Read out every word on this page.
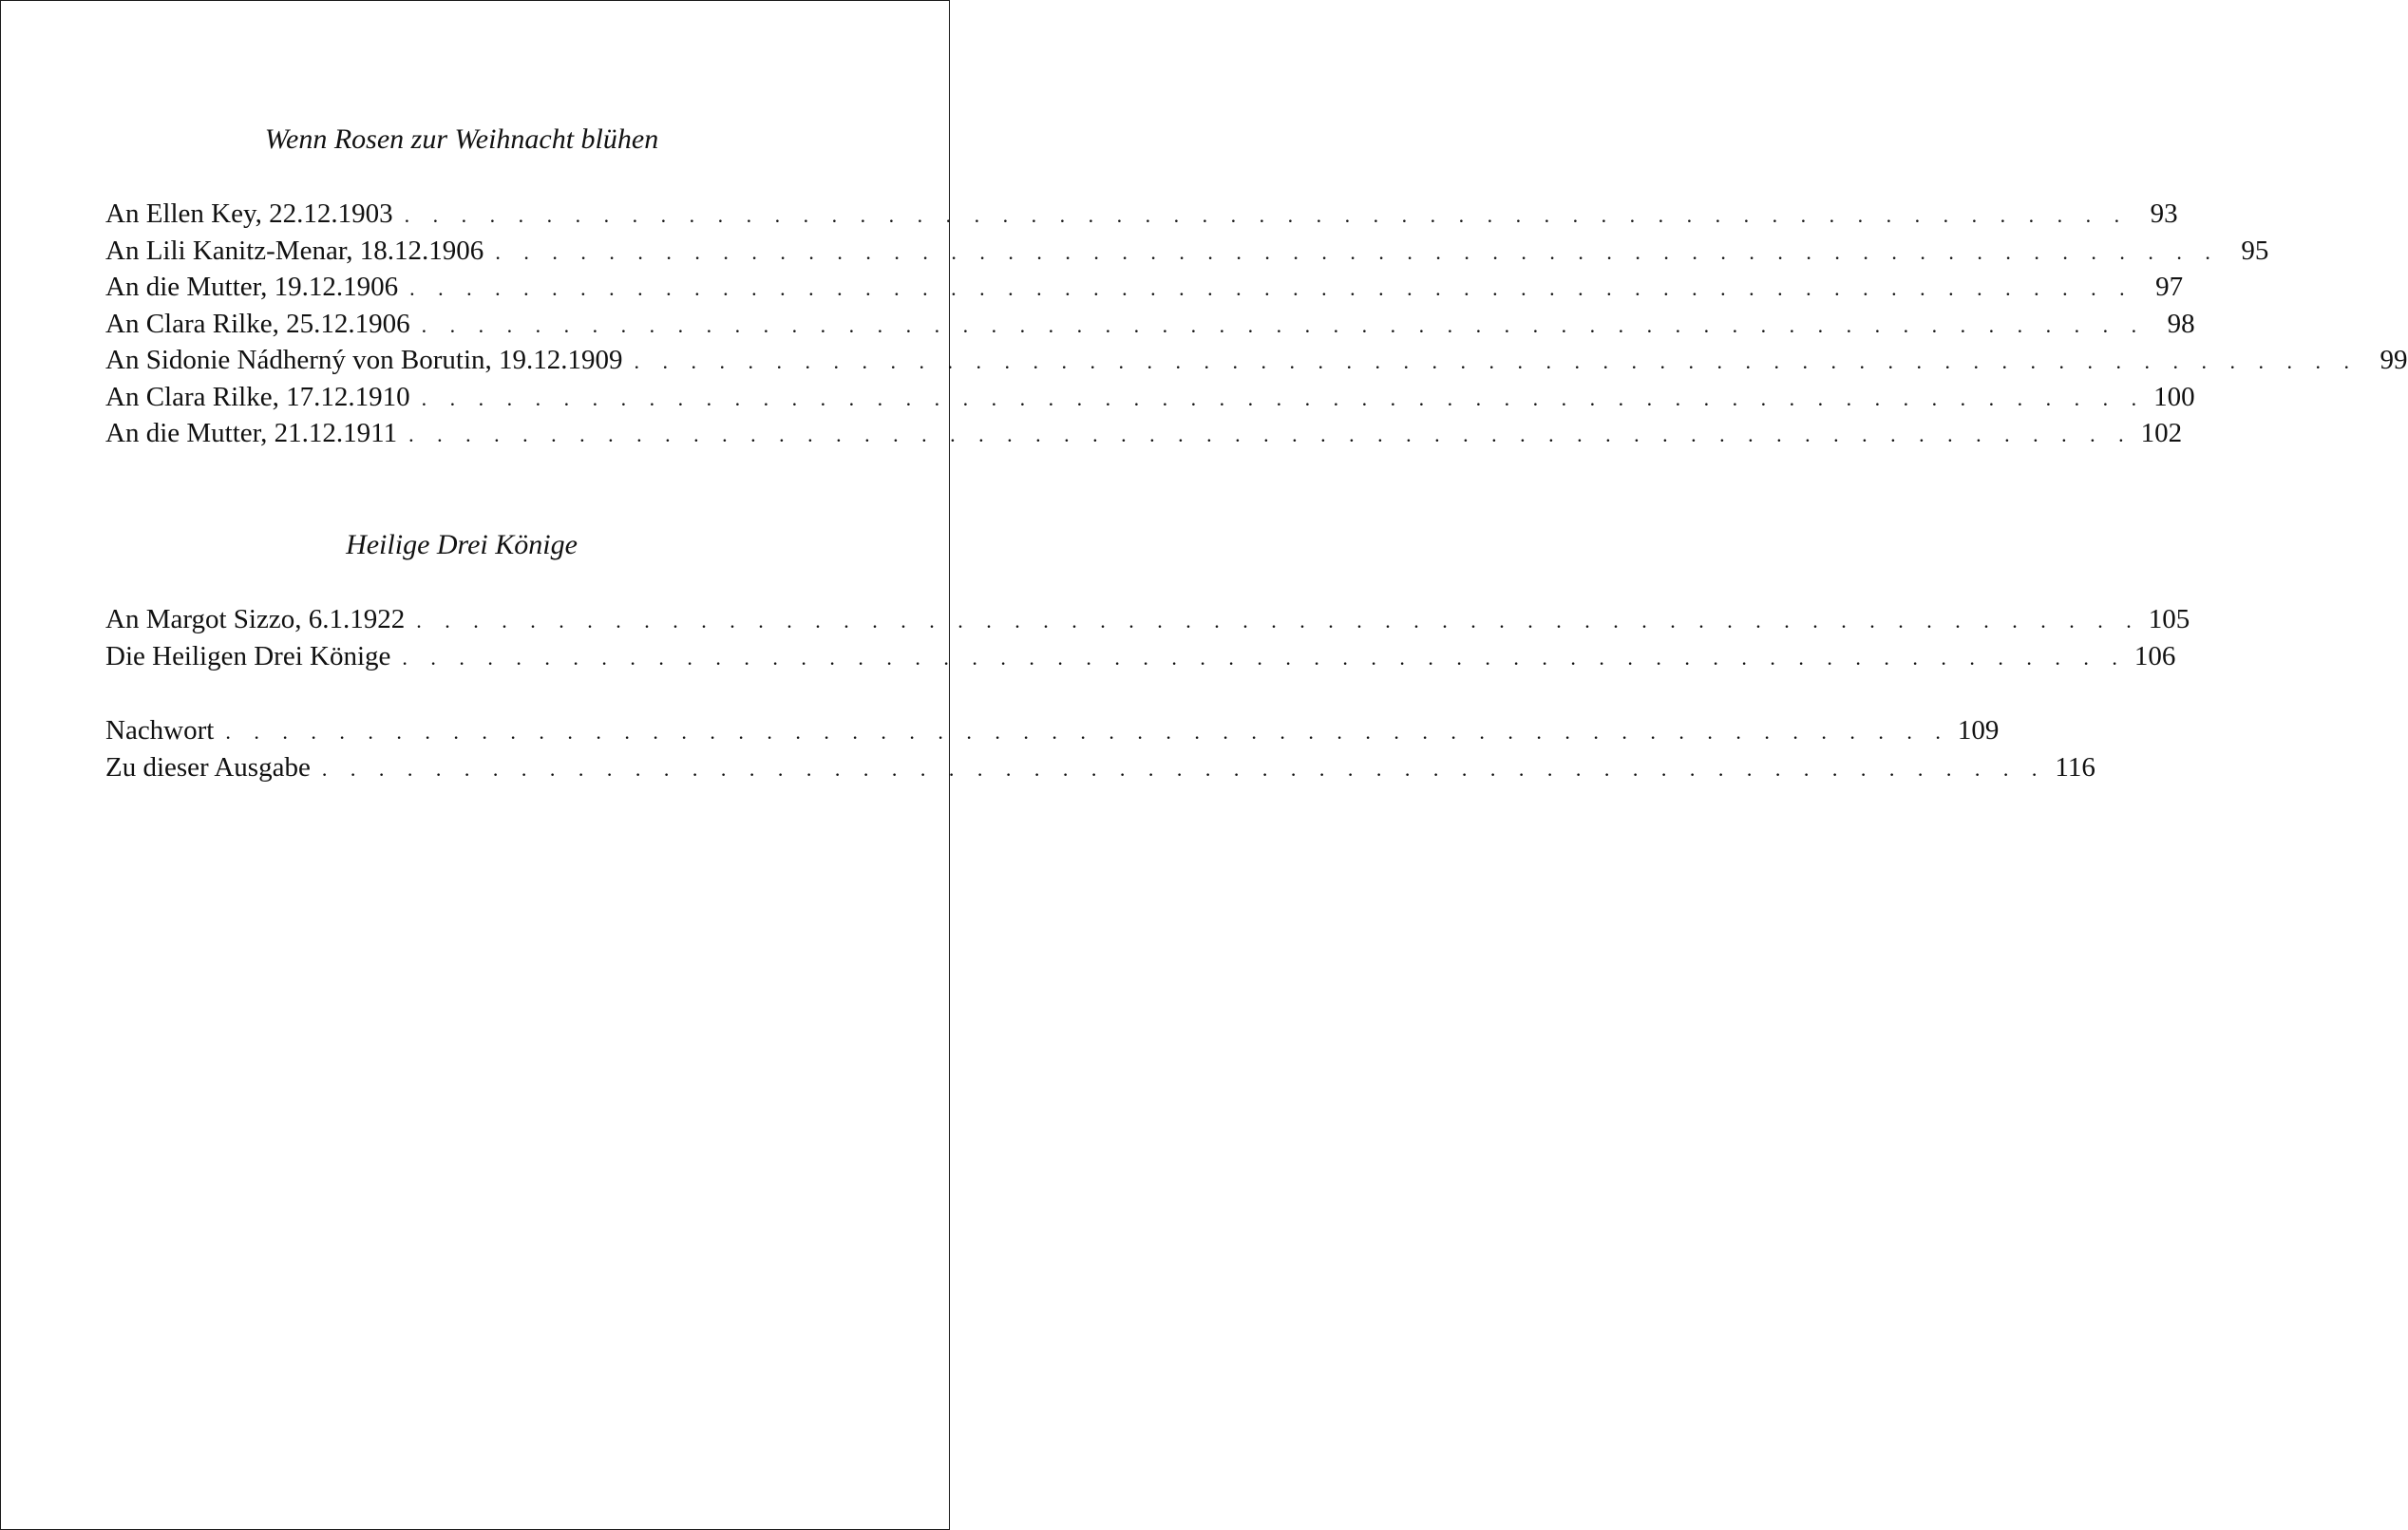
Wenn Rosen zur Weihnacht blühen
An Ellen Key, 22.12.1903 . . . . . . . . . . . . . . . . . . . . . . . . . . . . . . . . . . . . . . . . . . . . . . . . . . . . . . . . . . . . . 93
An Lili Kanitz-Menar, 18.12.1906 . . . . . . . . . . . . . . . . . . . . . . . . . . . . . . . . . . . . . . . . . . . . . . . . . . . . . . . . . . . . . 95
An die Mutter, 19.12.1906 . . . . . . . . . . . . . . . . . . . . . . . . . . . . . . . . . . . . . . . . . . . . . . . . . . . . . . . . . . . . . 97
An Clara Rilke, 25.12.1906 . . . . . . . . . . . . . . . . . . . . . . . . . . . . . . . . . . . . . . . . . . . . . . . . . . . . . . . . . . . . . 98
An Sidonie Nádherný von Borutin, 19.12.1909 . . . . . . . . . . . . . . . . . . . . . . . . . . . . . . . . . . . . . . . . . . . . . . . . . . . . . . . . . . . . . 99
An Clara Rilke, 17.12.1910 . . . . . . . . . . . . . . . . . . . . . . . . . . . . . . . . . . . . . . . . . . . . . . . . . . . . . . . . . . . . . 100
An die Mutter, 21.12.1911 . . . . . . . . . . . . . . . . . . . . . . . . . . . . . . . . . . . . . . . . . . . . . . . . . . . . . . . . . . . . . 102
Heilige Drei Könige
An Margot Sizzo, 6.1.1922 . . . . . . . . . . . . . . . . . . . . . . . . . . . . . . . . . . . . . . . . . . . . . . . . . . . . . . . . . . . . . 105
Die Heiligen Drei Könige . . . . . . . . . . . . . . . . . . . . . . . . . . . . . . . . . . . . . . . . . . . . . . . . . . . . . . . . . . . . . 106
Nachwort . . . . . . . . . . . . . . . . . . . . . . . . . . . . . . . . . . . . . . . . . . . . . . . . . . . . . . . . . . . . . 109
Zu dieser Ausgabe . . . . . . . . . . . . . . . . . . . . . . . . . . . . . . . . . . . . . . . . . . . . . . . . . . . . . . . . . . . . . 116
